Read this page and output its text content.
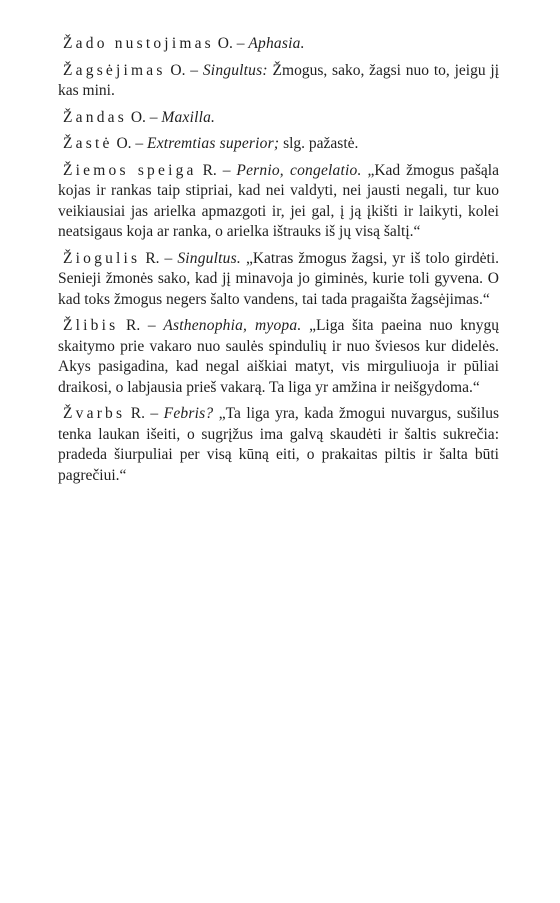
Žado nustojimas O. – Aphasia.

Žagsėjimas O. – Singultus: Žmogus, sako, žagsi nuo to, jeigu jį kas mini.

Žandas O. – Maxilla.

Žastė O. – Extremtias superior; slg. pažastė.

Žiemos speiga R. – Pernio, congelatio. „Kad žmogus pašąla kojas ir rankas taip stipriai, kad nei valdyti, nei jausti negali, tur kuo veikiausiai jas arielka apmazgoti ir, jei gal, į ją įkišti ir laikyti, kolei neatsigaus koja ar ranka, o arielka ištrauks iš jų visą šaltį.“

Žiogulis R. – Singultus. „Katras žmogus žagsi, yr iš tolo girdėti. Senieji žmonės sako, kad jį minavoja jo giminės, kurie toli gyvena. O kad toks žmogus negers šalto vandens, tai tada pragaišta žagsėjimas.“

Žlibis R. – Asthenophia, myopa. „Liga šita paeina nuo knygų skaitymo prie vakaro nuo saulės spindulių ir nuo šviesos kur didelės. Akys pasigadina, kad negal aiškiai matyt, vis mirguliuoja ir pūliai draikosi, o labjausia prieš vakarą. Ta liga yr amžina ir neišgydoma.“

Žvarbs R. – Febris? „Ta liga yra, kada žmogui nuvargus, sušilus tenka laukan išeiti, o sugrįžus ima galvą skaudėti ir šaltis sukrečia: pradeda šiurpuliai per visą kūną eiti, o prakaitas piltis ir šalta būti pagrečiui.“
